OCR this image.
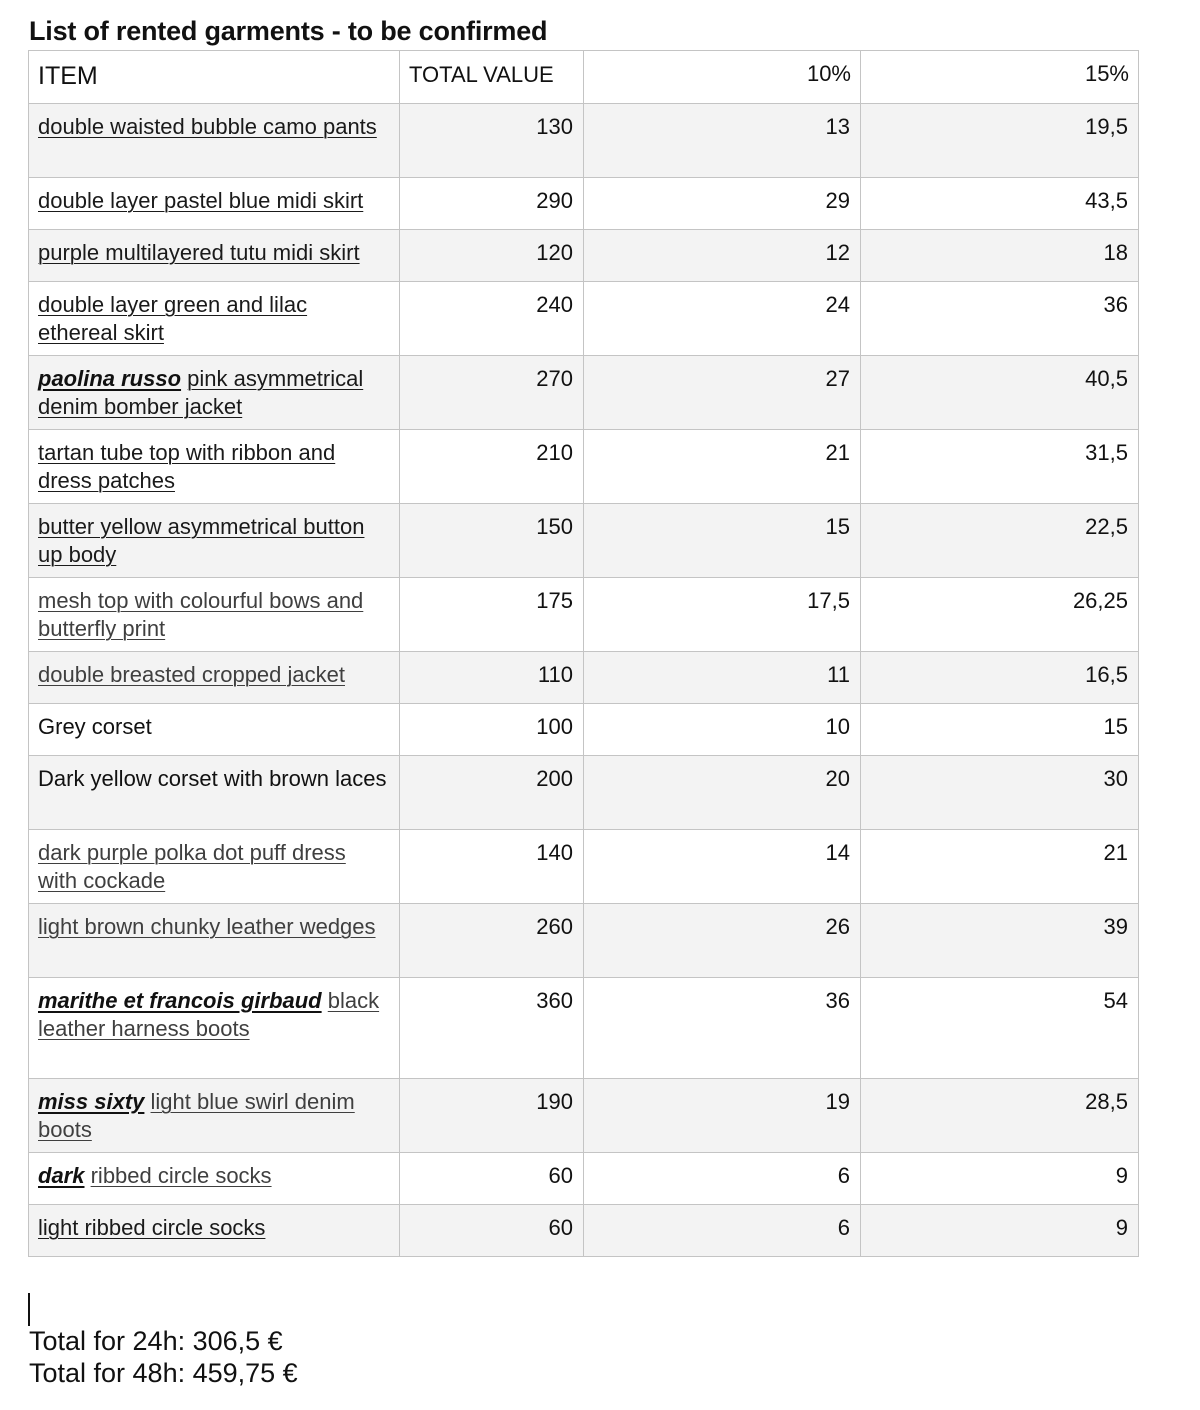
List of rented garments - to be confirmed
ITEM	TOTAL VALUE	10%	15%
double waisted bubble camo pants	130	13	19,5
double layer pastel blue midi skirt	290	29	43,5
purple multilayered tutu midi skirt	120	12	18
double layer green and lilac ethereal skirt	240	24	36
paolina russo pink asymmetrical denim bomber jacket	270	27	40,5
tartan tube top with ribbon and dress patches	210	21	31,5
butter yellow asymmetrical button up body	150	15	22,5
mesh top with colourful bows and butterfly print	175	17,5	26,25
double breasted cropped jacket	110	11	16,5
Grey corset	100	10	15
Dark yellow corset with brown laces	200	20	30
dark purple polka dot puff dress with cockade	140	14	21
light brown chunky leather wedges	260	26	39
marithe et francois girbaud black leather harness boots	360	36	54
miss sixty light blue swirl denim boots	190	19	28,5
dark ribbed circle socks	60	6	9
light ribbed circle socks	60	6	9
Total for 24h: 306,5 €
Total for 48h: 459,75 €
